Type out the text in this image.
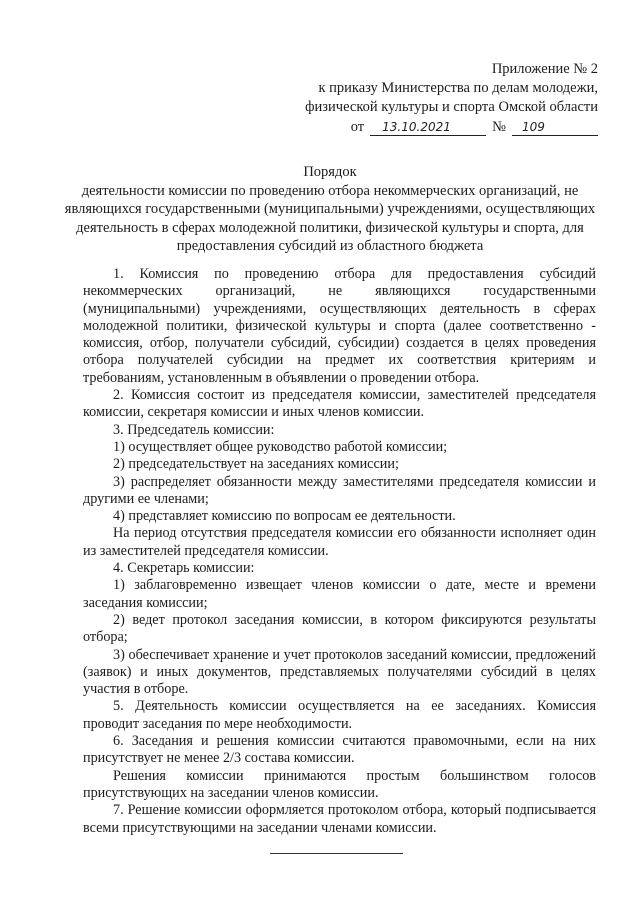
Приложение № 2
к приказу Министерства по делам молодежи,
физической культуры и спорта Омской области
от	13.10.2021	№	109
Порядок
деятельности комиссии по проведению отбора некоммерческих организаций, не являющихся государственными (муниципальными) учреждениями, осуществляющих деятельность в сферах молодежной политики, физической культуры и спорта, для предоставления субсидий из областного бюджета

1. Комиссия по проведению отбора для предоставления субсидий некоммерческих организаций, не являющихся государственными (муниципальными) учреждениями, осуществляющих деятельность в сферах молодежной политики, физической культуры и спорта (далее соответственно - комиссия, отбор, получатели субсидий, субсидии) создается в целях проведения отбора получателей субсидии на предмет их соответствия критериям и требованиям, установленным в объявлении о проведении отбора.

2. Комиссия состоит из председателя комиссии, заместителей председателя комиссии, секретаря комиссии и иных членов комиссии.

3. Председатель комиссии:

1) осуществляет общее руководство работой комиссии;

2) председательствует на заседаниях комиссии;

3) распределяет обязанности между заместителями председателя комиссии и другими ее членами;

4) представляет комиссию по вопросам ее деятельности.

На период отсутствия председателя комиссии его обязанности исполняет один из заместителей председателя комиссии.

4. Секретарь комиссии:

1) заблаговременно извещает членов комиссии о дате, месте и времени заседания комиссии;

2) ведет протокол заседания комиссии, в котором фиксируются результаты отбора;

3) обеспечивает хранение и учет протоколов заседаний комиссии, предложений (заявок) и иных документов, представляемых получателями субсидий в целях участия в отборе.

5. Деятельность комиссии осуществляется на ее заседаниях. Комиссия проводит заседания по мере необходимости.

6. Заседания и решения комиссии считаются правомочными, если на них присутствует не менее 2/3 состава комиссии.

Решения комиссии принимаются простым большинством голосов присутствующих на заседании членов комиссии.

7. Решение комиссии оформляется протоколом отбора, который подписывается всеми присутствующими на заседании членами комиссии.
